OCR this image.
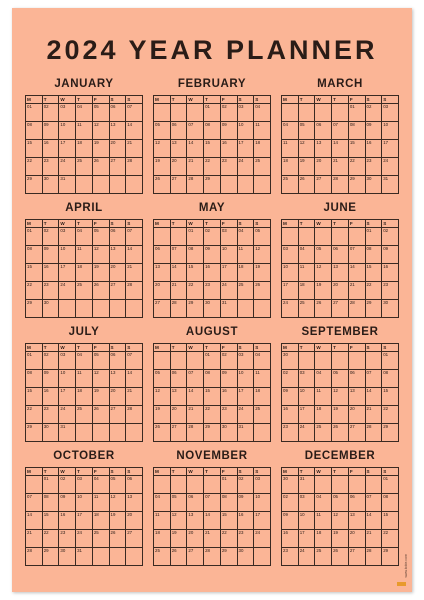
2024 YEAR PLANNER
JANUARY
M	T	W	T	F	S	S
01	02	03	04	05	06	07
08	09	10	11	12	13	14
15	16	17	18	19	20	21
22	23	24	25	26	27	28
29	30	31				
FEBRUARY
M	T	W	T	F	S	S
			01	02	03	04
05	06	07	08	09	10	11
12	13	14	15	16	17	18
19	20	21	22	23	24	25
26	27	28	29			
MARCH
M	T	W	T	F	S	S
				01	02	03
04	05	06	07	08	09	10
11	12	13	14	15	16	17
18	19	20	21	22	23	24
25	26	27	28	29	30	31
APRIL
M	T	W	T	F	S	S
01	02	03	04	05	06	07
08	09	10	11	12	13	14
15	16	17	18	19	20	21
22	23	24	25	26	27	28
29	30					
MAY
M	T	W	T	F	S	S
		01	02	03	04	05
06	07	08	09	10	11	12
13	14	15	16	17	18	19
20	21	22	23	24	25	26
27	28	29	30	31		
JUNE
M	T	W	T	F	S	S
					01	02
03	04	05	06	07	08	09
10	11	12	13	14	15	16
17	18	19	20	21	22	23
24	25	26	27	28	29	30
JULY
M	T	W	T	F	S	S
01	02	03	04	05	06	07
08	09	10	11	12	13	14
15	16	17	18	19	20	21
22	23	24	25	26	27	28
29	30	31				
AUGUST
M	T	W	T	F	S	S
			01	02	03	04
05	06	07	08	09	10	11
12	13	14	15	16	17	18
19	20	21	22	23	24	25
26	27	28	29	30	31	
SEPTEMBER
M	T	W	T	F	S	S
30						01
02	03	04	05	06	07	08
09	10	11	12	13	14	15
16	17	18	19	20	21	22
23	24	25	26	27	28	29
OCTOBER
M	T	W	T	F	S	S
	01	02	03	04	05	06
07	08	09	10	11	12	13
14	15	16	17	18	19	20
21	22	23	24	25	26	27
28	29	30	31			
NOVEMBER
M	T	W	T	F	S	S
				01	02	03
04	05	06	07	08	09	10
11	12	13	14	15	16	17
18	19	20	21	22	23	24
25	26	27	28	29	30	
DECEMBER
M	T	W	T	F	S	S
30	31					01
02	03	04	05	06	07	08
09	10	11	12	13	14	15
16	17	18	19	20	21	22
23	24	25	26	27	28	29
www.tobie.com
